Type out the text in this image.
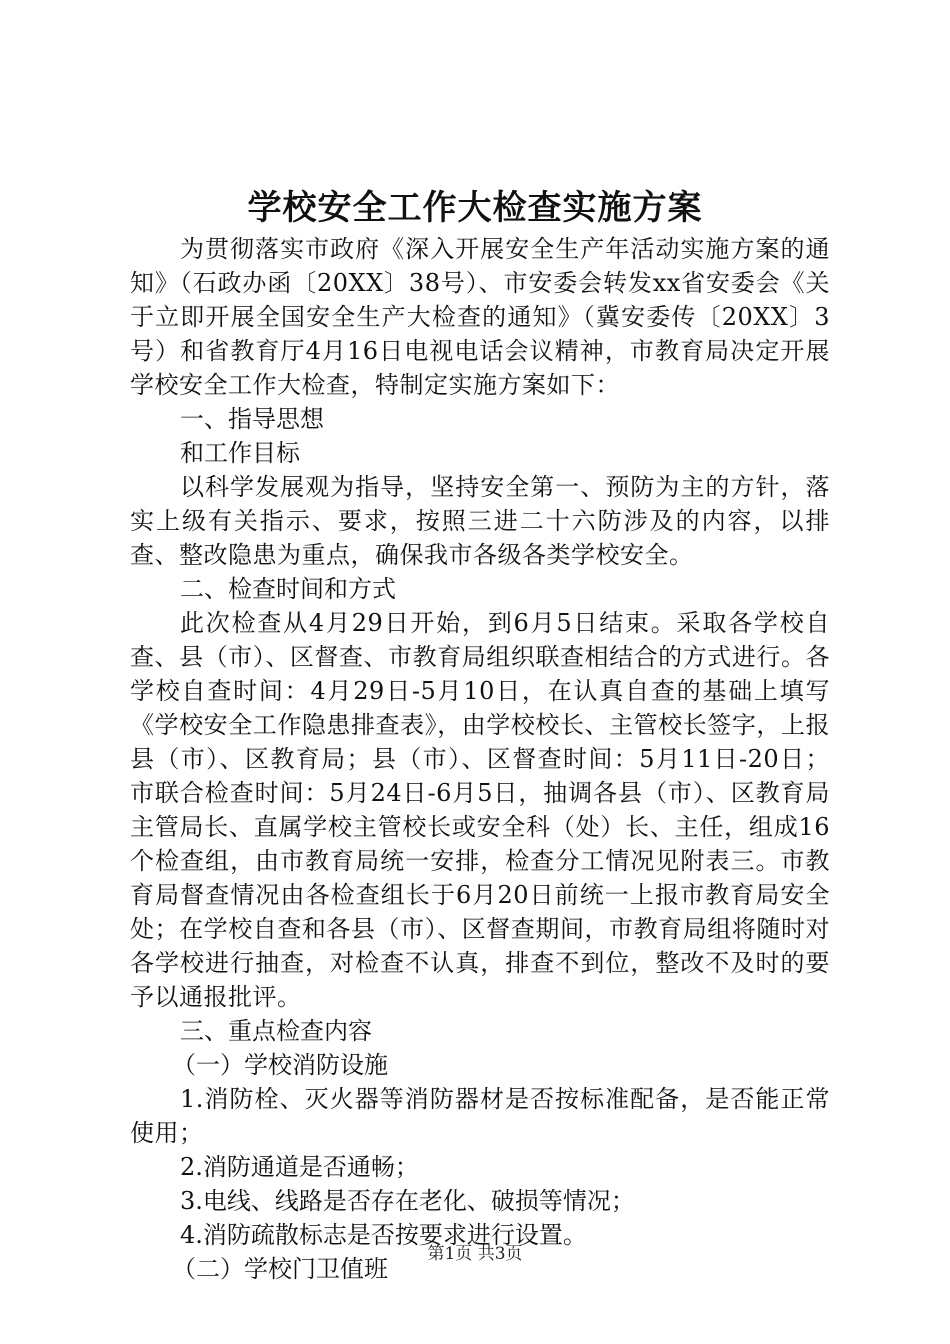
学校安全工作大检查实施方案

为贯彻落实市政府《深入开展安全生产年活动实施方案的通知》（石政办函〔20XX〕38号）、市安委会转发xx省安委会《关于立即开展全国安全生产大检查的通知》（冀安委传〔20XX〕3号）和省教育厅4月16日电视电话会议精神，市教育局决定开展学校安全工作大检查，特制定实施方案如下：

一、指导思想

和工作目标

以科学发展观为指导，坚持安全第一、预防为主的方针，落实上级有关指示、要求，按照三进二十六防涉及的内容，以排查、整改隐患为重点，确保我市各级各类学校安全。

二、检查时间和方式

此次检查从4月29日开始，到6月5日结束。采取各学校自查、县（市）、区督查、市教育局组织联查相结合的方式进行。各学校自查时间：4月29日-5月10日，在认真自查的基础上填写《学校安全工作隐患排查表》，由学校校长、主管校长签字，上报县（市）、区教育局；县（市）、区督查时间：5月11日-20日；市联合检查时间：5月24日-6月5日，抽调各县（市）、区教育局主管局长、直属学校主管校长或安全科（处）长、主任，组成16个检查组，由市教育局统一安排，检查分工情况见附表三。市教育局督查情况由各检查组长于6月20日前统一上报市教育局安全处；在学校自查和各县（市）、区督查期间，市教育局组将随时对各学校进行抽查，对检查不认真，排查不到位，整改不及时的要予以通报批评。

三、重点检查内容

（一）学校消防设施

1.消防栓、灭火器等消防器材是否按标准配备，是否能正常使用；

2.消防通道是否通畅；

3.电线、线路是否存在老化、破损等情况；

4.消防疏散标志是否按要求进行设置。

（二）学校门卫值班

第1页 共3页
